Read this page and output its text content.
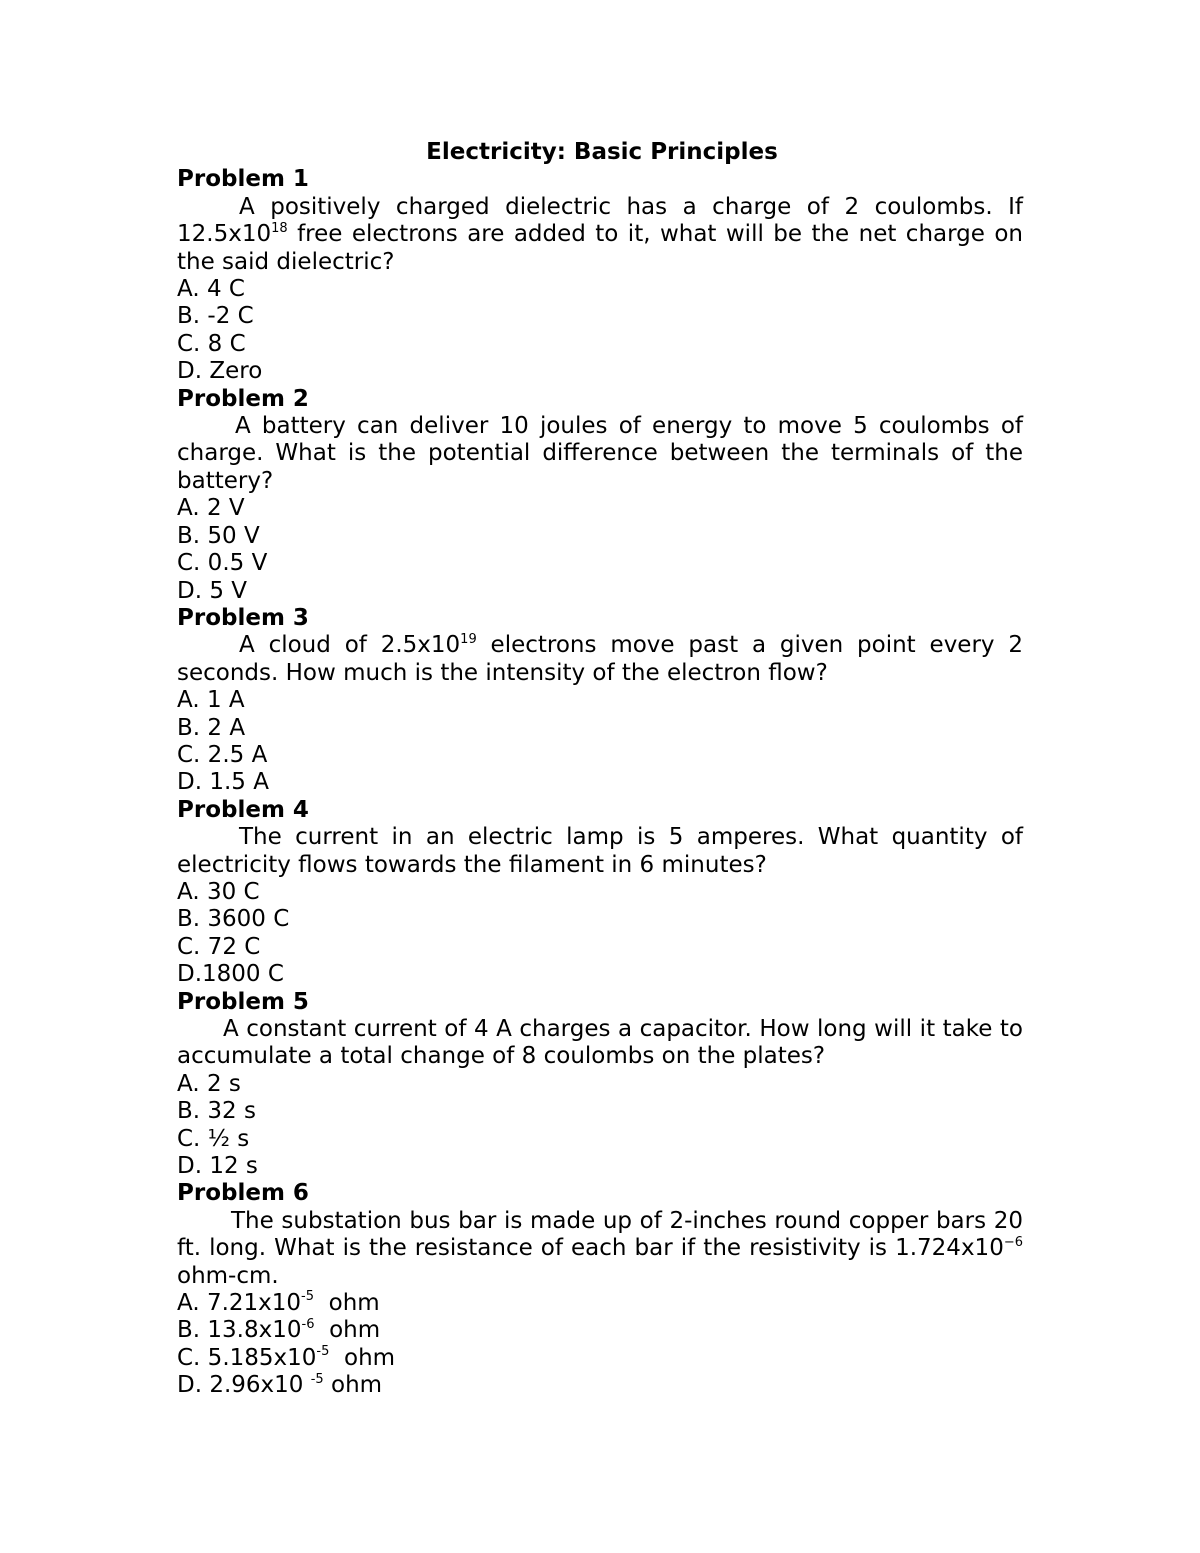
Electricity: Basic Principles

Problem 1

A positively charged dielectric has a charge of 2 coulombs. If $12.5x10^{18}$ free electrons are added to it, what will be the net charge on the said dielectric?

A. 4 C

B. -2 C

C. 8 C

D. Zero

Problem 2

A battery can deliver 10 joules of energy to move 5 coulombs of charge. What is the potential difference between the terminals of the battery?

A. 2 V

B. 50 V

C. 0.5 V

D. 5 V

Problem 3

A cloud of $2.5x10^{19}$ electrons move past a given point every 2 seconds. How much is the intensity of the electron flow?

A. 1 A

B. 2 A

C. 2.5 A

D. 1.5 A

Problem 4

The current in an electric lamp is 5 amperes. What quantity of electricity flows towards the filament in 6 minutes?

A. 30 C

B. 3600 C

C. 72 C

D.1800 C

Problem 5

A constant current of 4 A charges a capacitor. How long will it take to accumulate a total change of 8 coulombs on the plates?

A. 2 s

B. 32 s

C. ½ s

D. 12 s

Problem 6

The substation bus bar is made up of 2-inches round copper bars 20 ft. long. What is the resistance of each bar if the resistivity is $1.724x10^{-6}$ ohm-cm.

A. $7.21x10^{-5}$  ohm

B. $13.8x10^{-6}$  ohm

C. $5.185x10^{-5}$  ohm

D. 2.96x10 $^{-5}$ ohm
